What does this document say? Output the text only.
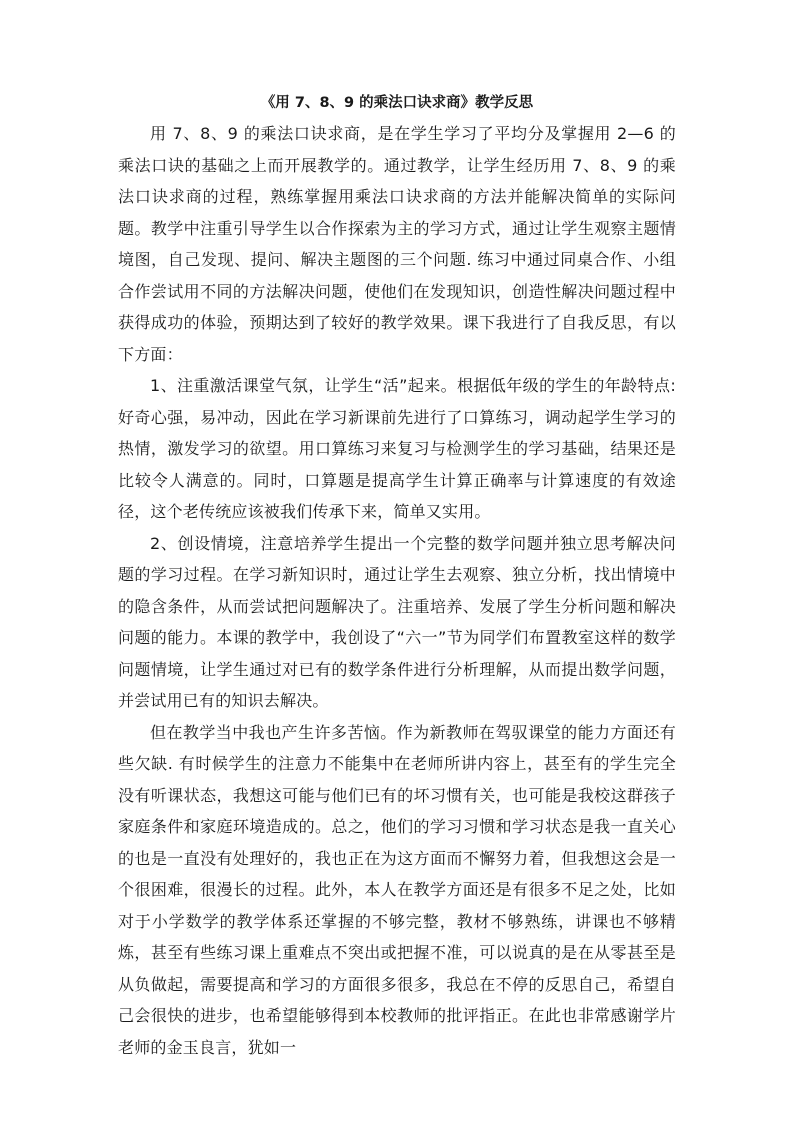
《用 7、8、9 的乘法口诀求商》教学反思

用 7、8、9 的乘法口诀求商，是在学生学习了平均分及掌握用 2—6 的乘法口诀的基础之上而开展教学的。通过教学，让学生经历用 7、8、9 的乘法口诀求商的过程，熟练掌握用乘法口诀求商的方法并能解决简单的实际问题。教学中注重引导学生以合作探索为主的学习方式，通过让学生观察主题情境图，自己发现、提问、解决主题图的三个问题. 练习中通过同桌合作、小组合作尝试用不同的方法解决问题，使他们在发现知识，创造性解决问题过程中获得成功的体验，预期达到了较好的教学效果。课下我进行了自我反思，有以下方面：

1、注重激活课堂气氛，让学生“活”起来。根据低年级的学生的年龄特点: 好奇心强，易冲动，因此在学习新课前先进行了口算练习，调动起学生学习的热情，激发学习的欲望。用口算练习来复习与检测学生的学习基础，结果还是比较令人满意的。同时，口算题是提高学生计算正确率与计算速度的有效途径，这个老传统应该被我们传承下来，简单又实用。

2、创设情境，注意培养学生提出一个完整的数学问题并独立思考解决问题的学习过程。在学习新知识时，通过让学生去观察、独立分析，找出情境中的隐含条件，从而尝试把问题解决了。注重培养、发展了学生分析问题和解决问题的能力。本课的教学中，我创设了“六一”节为同学们布置教室这样的数学问题情境，让学生通过对已有的数学条件进行分析理解，从而提出数学问题，并尝试用已有的知识去解决。

但在教学当中我也产生许多苦恼。作为新教师在驾驭课堂的能力方面还有些欠缺. 有时候学生的注意力不能集中在老师所讲内容上，甚至有的学生完全没有听课状态，我想这可能与他们已有的坏习惯有关，也可能是我校这群孩子家庭条件和家庭环境造成的。总之，他们的学习习惯和学习状态是我一直关心的也是一直没有处理好的，我也正在为这方面而不懈努力着，但我想这会是一个很困难，很漫长的过程。此外，本人在教学方面还是有很多不足之处，比如对于小学数学的教学体系还掌握的不够完整，教材不够熟练，讲课也不够精炼，甚至有些练习课上重难点不突出或把握不准，可以说真的是在从零甚至是从负做起，需要提高和学习的方面很多很多，我总在不停的反思自己，希望自己会很快的进步，也希望能够得到本校教师的批评指正。在此也非常感谢学片老师的金玉良言，犹如一
